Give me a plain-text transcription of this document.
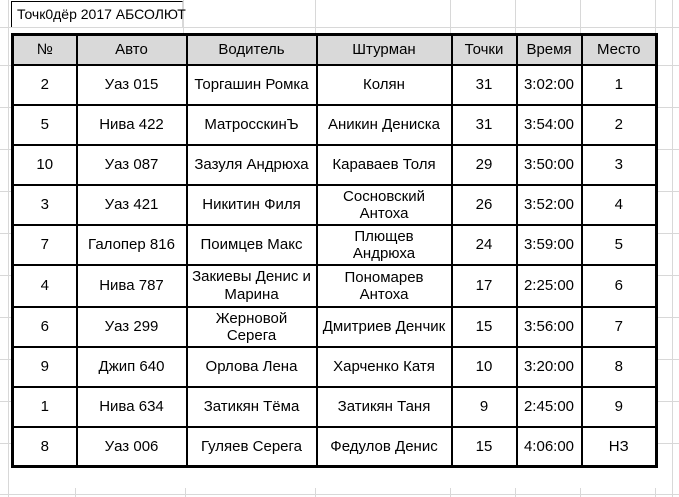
Точк0дёр 2017 АБСОЛЮТ
№	Авто	Водитель	Штурман	Точки	Время	Место
2	Уаз 015	Торгашин Ромка	Колян	31	3:02:00	1
5	Нива 422	МатросскинЪ	Аникин Дениска	31	3:54:00	2
10	Уаз 087	Зазуля Андрюха	Караваев Толя	29	3:50:00	3
3	Уаз 421	Никитин Филя	Сосновский Антоха	26	3:52:00	4
7	Галопер 816	Поимцев Макс	Плющев Андрюха	24	3:59:00	5
4	Нива 787	Закиевы Денис и Марина	Пономарев Антоха	17	2:25:00	6
6	Уаз 299	Жерновой Серега	Дмитриев Денчик	15	3:56:00	7
9	Джип 640	Орлова Лена	Харченко Катя	10	3:20:00	8
1	Нива 634	Затикян Тёма	Затикян Таня	9	2:45:00	9
8	Уаз 006	Гуляев Серега	Федулов Денис	15	4:06:00	НЗ
